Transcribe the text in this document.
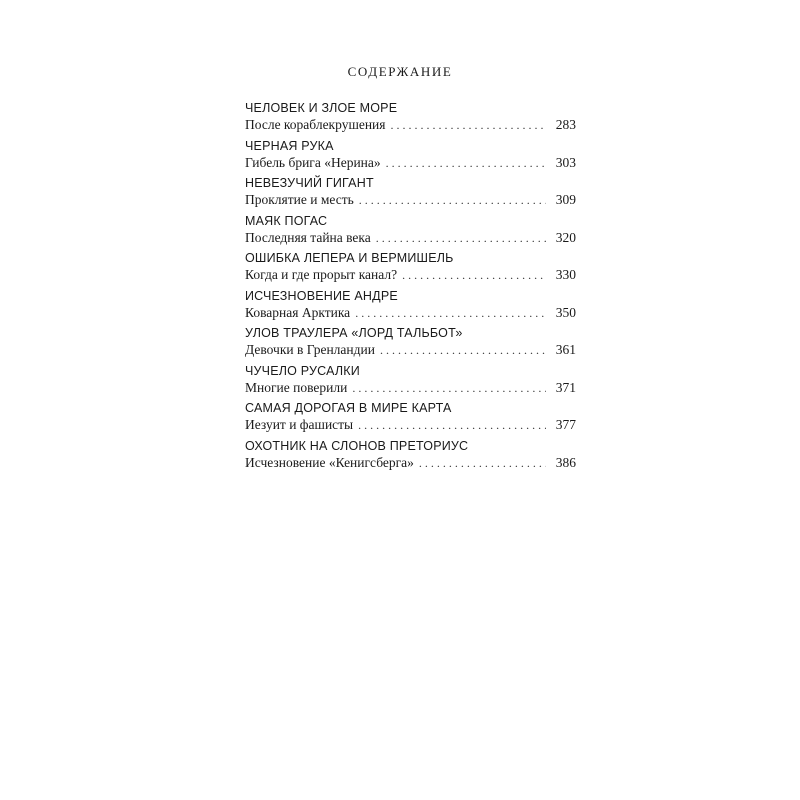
СОДЕРЖАНИЕ
ЧЕЛОВЕК И ЗЛОЕ МОРЕ
После кораблекрушения . . .	283
ЧЕРНАЯ РУКА
Гибель брига «Нерина» . . .	303
НЕВЕЗУЧИЙ ГИГАНТ
Проклятие и месть . . .	309
МАЯК ПОГАС
Последняя тайна века . . .	320
ОШИБКА ЛЕПЕРА И ВЕРМИШЕЛЬ
Когда и где прорыт канал? . . .	330
ИСЧЕЗНОВЕНИЕ АНДРЕ
Коварная Арктика . . .	350
УЛОВ ТРАУЛЕРА «ЛОРД ТАЛЬБОТ»
Девочки в Гренландии . . .	361
ЧУЧЕЛО РУСАЛКИ
Многие поверили . . .	371
САМАЯ ДОРОГАЯ В МИРЕ КАРТА
Иезуит и фашисты . . .	377
ОХОТНИК НА СЛОНОВ ПРЕТОРИУС
Исчезновение «Кенигсберга» . . .	386
